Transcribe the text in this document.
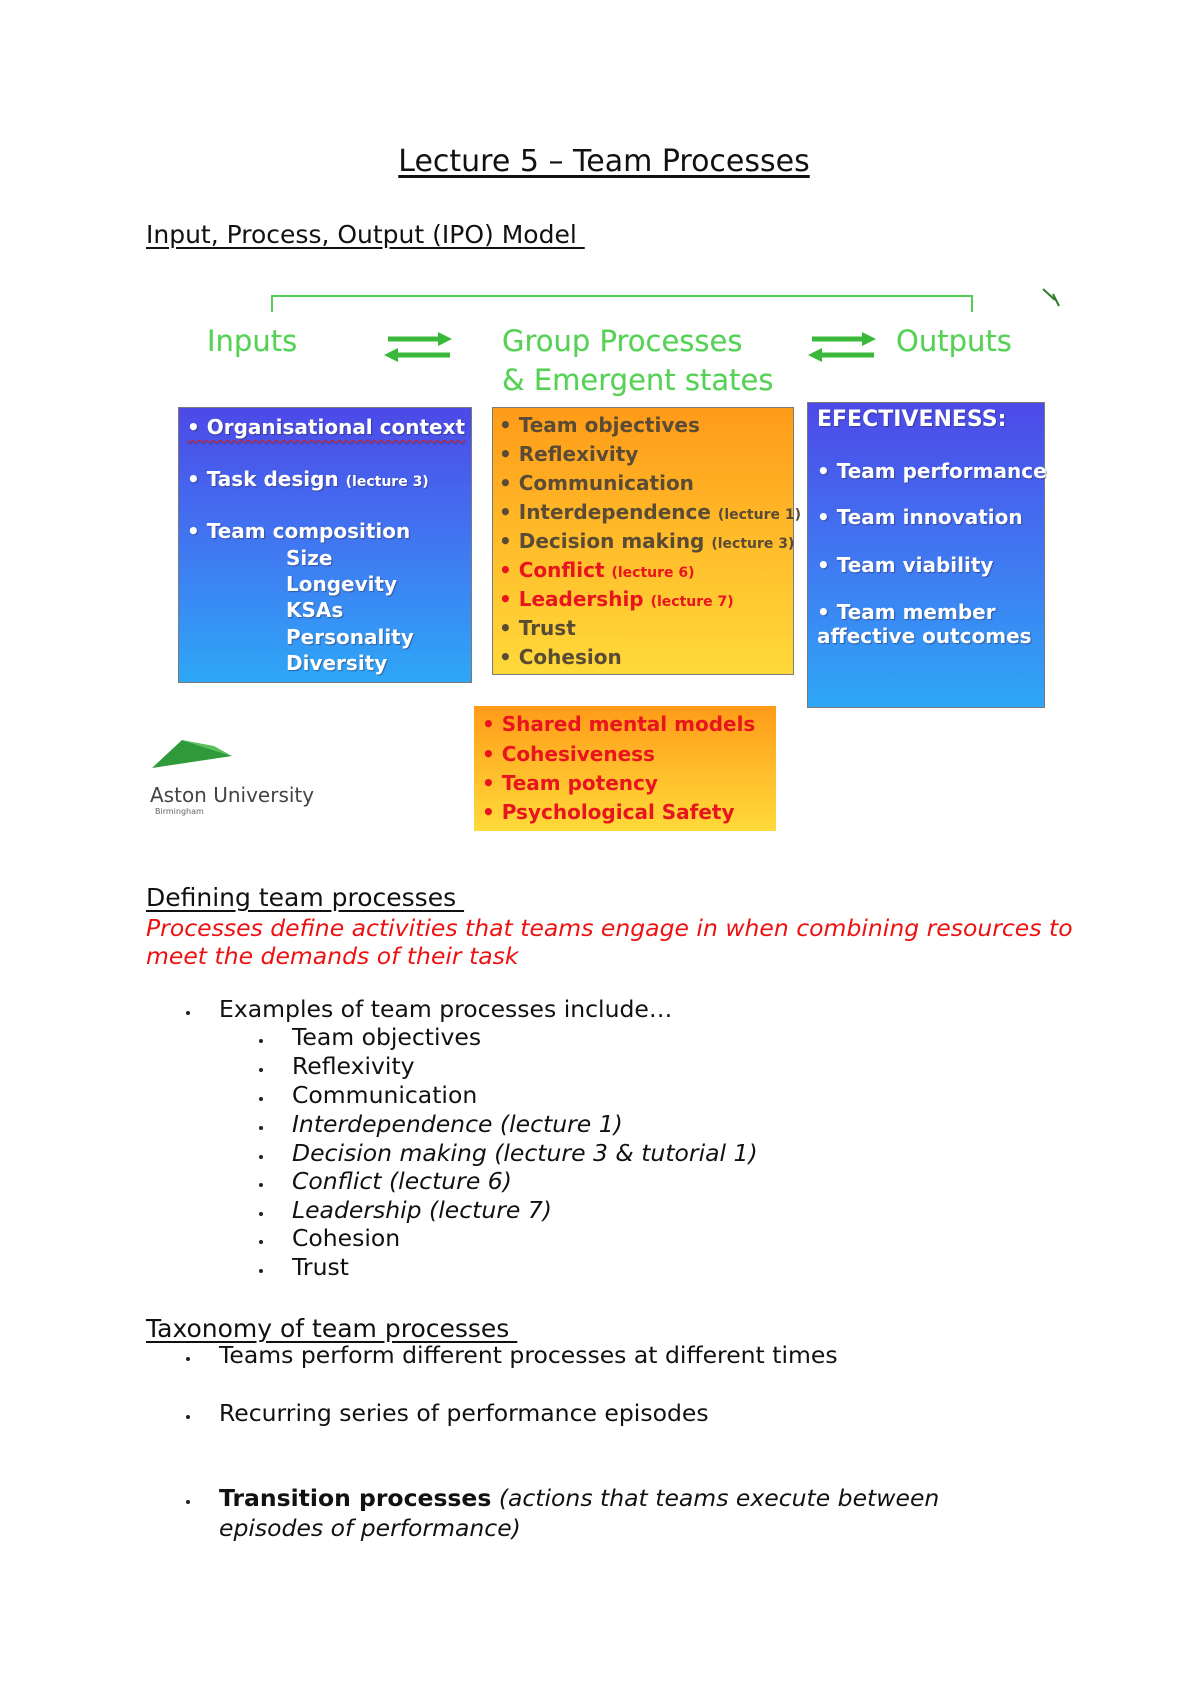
Lecture 5 – Team Processes
Input, Process, Output (IPO) Model
Inputs	Group Processes
& Emergent states
Outputs
• Organisational context
• Task design (lecture 3)
• Team composition
Size
Longevity
KSAs
Personality
Diversity
• Team objectives
• Reflexivity
• Communication
• Interdependence (lecture 1)
• Decision making (lecture 3)
• Conflict (lecture 6)
• Leadership (lecture 7)
• Trust
• Cohesion
EFECTIVENESS:
• Team performance
• Team innovation
• Team viability
• Team member
affective outcomes
• Shared mental models
• Cohesiveness
• Team potency
• Psychological Safety
Aston University
Birmingham
Defining team processes
Processes define activities that teams engage in when combining resources to meet the demands of their task
Examples of team processes include…
Team objectives
Reflexivity
Communication
Interdependence (lecture 1)
Decision making (lecture 3 & tutorial 1)
Conflict (lecture 6)
Leadership (lecture 7)
Cohesion
Trust
Taxonomy of team processes
Teams perform different processes at different times
Recurring series of performance episodes
Transition processes (actions that teams execute between
episodes of performance)
